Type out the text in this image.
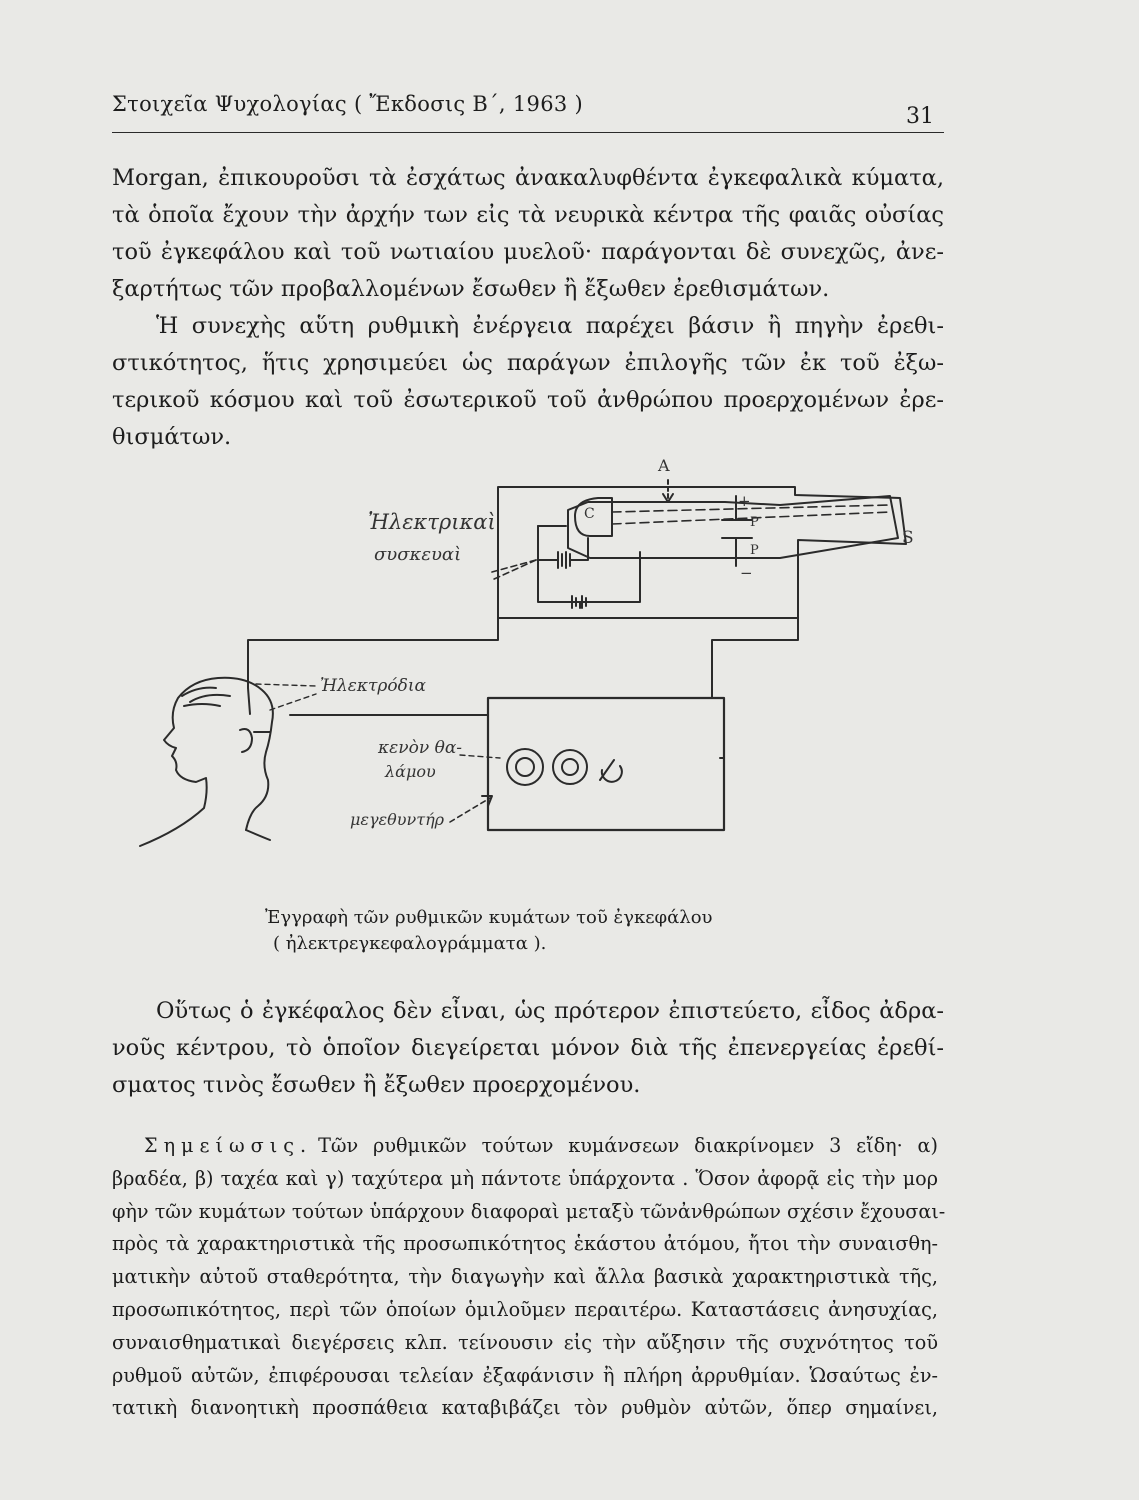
Στοιχεῖα Ψυχολογίας ( Ἔκδοσις Β΄, 1963 )	31
Morgan, ἐπικουροῦσι τὰ ἐσχάτως ἀνακαλυφθέντα ἐγκεφαλικὰ κύματα,
τὰ ὁποῖα ἔχουν τὴν ἀρχήν των εἰς τὰ νευρικὰ κέντρα τῆς φαιᾶς οὐσίας
τοῦ ἐγκεφάλου καὶ τοῦ νωτιαίου μυελοῦ· παράγονται δὲ συνεχῶς, ἀνε-
ξαρτήτως τῶν προβαλλομένων ἔσωθεν ἢ ἔξωθεν ἐρεθισμάτων.
Ἡ συνεχὴς αὕτη ρυθμικὴ ἐνέργεια παρέχει βάσιν ἢ πηγὴν ἐρεθι-
στικότητος, ἥτις χρησιμεύει ὡς παράγων ἐπιλογῆς τῶν ἐκ τοῦ ἐξω-
τερικοῦ κόσμου καὶ τοῦ ἐσωτερικοῦ τοῦ ἀνθρώπου προερχομένων ἐρε-
θισμάτων.
Ἠλεκτρικαὶ
συσκευαὶ
Ἠλεκτρόδια
κενὸν θα-
λάμου
μεγεθυντήρ
A
S
C
P
P
+
−
Ἐγγραφὴ τῶν ρυθμικῶν κυμάτων τοῦ ἐγκεφάλου
( ἠλεκτρεγκεφαλογράμματα ).
Οὕτως ὁ ἐγκέφαλος δὲν εἶναι, ὡς πρότερον ἐπιστεύετο, εἶδος ἀδρα-
νοῦς κέντρου, τὸ ὁποῖον διεγείρεται μόνον διὰ τῆς ἐπενεργείας ἐρεθί-
σματος τινὸς ἔσωθεν ἢ ἔξωθεν προερχομένου.
Σημείωσις. Τῶν ρυθμικῶν τούτων κυμάνσεων διακρίνομεν 3 εἴδη· α)
βραδέα, β) ταχέα καὶ γ) ταχύτερα μὴ πάντοτε ὑπάρχοντα . Ὅσον ἀφορᾷ εἰς τὴν μορ
φὴν τῶν κυμάτων τούτων ὑπάρχουν διαφοραὶ μεταξὺ τῶνἀνθρώπων σχέσιν ἔχουσαι-
πρὸς τὰ χαρακτηριστικὰ τῆς προσωπικότητος ἑκάστου ἀτόμου, ἤτοι τὴν συναισθη-
ματικὴν αὐτοῦ σταθερότητα, τὴν διαγωγὴν καὶ ἄλλα βασικὰ χαρακτηριστικὰ τῆς,
προσωπικότητος, περὶ τῶν ὁποίων ὁμιλοῦμεν περαιτέρω. Καταστάσεις ἀνησυχίας,
συναισθηματικαὶ διεγέρσεις κλπ. τείνουσιν εἰς τὴν αὔξησιν τῆς συχνότητος τοῦ
ρυθμοῦ αὐτῶν, ἐπιφέρουσαι τελείαν ἐξαφάνισιν ἢ πλήρη ἀρρυθμίαν. Ὡσαύτως ἐν-
τατικὴ διανοητικὴ προσπάθεια καταβιβάζει τὸν ρυθμὸν αὐτῶν, ὅπερ σημαίνει,
